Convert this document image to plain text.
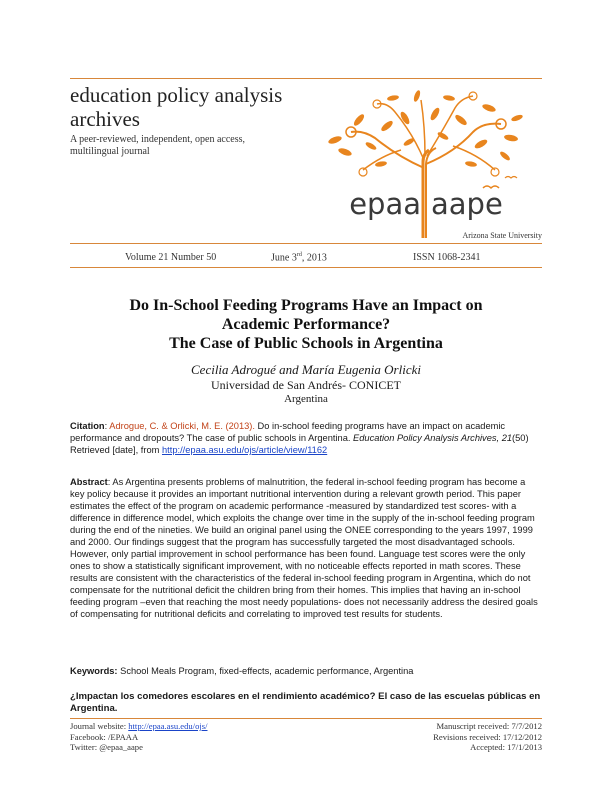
education policy analysis archives
A peer-reviewed, independent, open access, multilingual journal
epaa aape
Arizona State University
Volume 21 Number 50	June 3rd, 2013	ISSN 1068-2341
Do In-School Feeding Programs Have an Impact on
Academic Performance?
The Case of Public Schools in Argentina
Cecilia Adrogué and María Eugenia Orlicki
Universidad de San Andrés- CONICET
Argentina
Citation: Adrogue, C. & Orlicki, M. E. (2013). Do in-school feeding programs have an impact on academic performance and dropouts? The case of public schools in Argentina. Education Policy Analysis Archives, 21(50) Retrieved [date], from http://epaa.asu.edu/ojs/article/view/1162
Abstract: As Argentina presents problems of malnutrition, the federal in-school feeding program has become a key policy because it provides an important nutritional intervention during a relevant growth period. This paper estimates the effect of the program on academic performance -measured by standardized test scores- with a difference in difference model, which exploits the change over time in the supply of the in-school feeding program during the end of the nineties. We build an original panel using the ONEE corresponding to the years 1997, 1999 and 2000. Our findings suggest that the program has successfully targeted the most disadvantaged schools. However, only partial improvement in school performance has been found. Language test scores were the only ones to show a statistically significant improvement, with no noticeable effects reported in math scores. These results are consistent with the characteristics of the federal in-school feeding program in Argentina, which do not compensate for the nutritional deficit the children bring from their homes. This implies that having an in-school feeding program –even that reaching the most needy populations- does not necessarily address the desired goals of compensating for nutritional deficits and correlating to improved test results for students.
Keywords: School Meals Program, fixed-effects, academic performance, Argentina
¿Impactan los comedores escolares en el rendimiento académico? El caso de las escuelas públicas en Argentina.
Journal website: http://epaa.asu.edu/ojs/
Facebook: /EPAAA
Twitter: @epaa_aape
Manuscript received: 7/7/2012
Revisions received: 17/12/2012
Accepted: 17/1/2013
